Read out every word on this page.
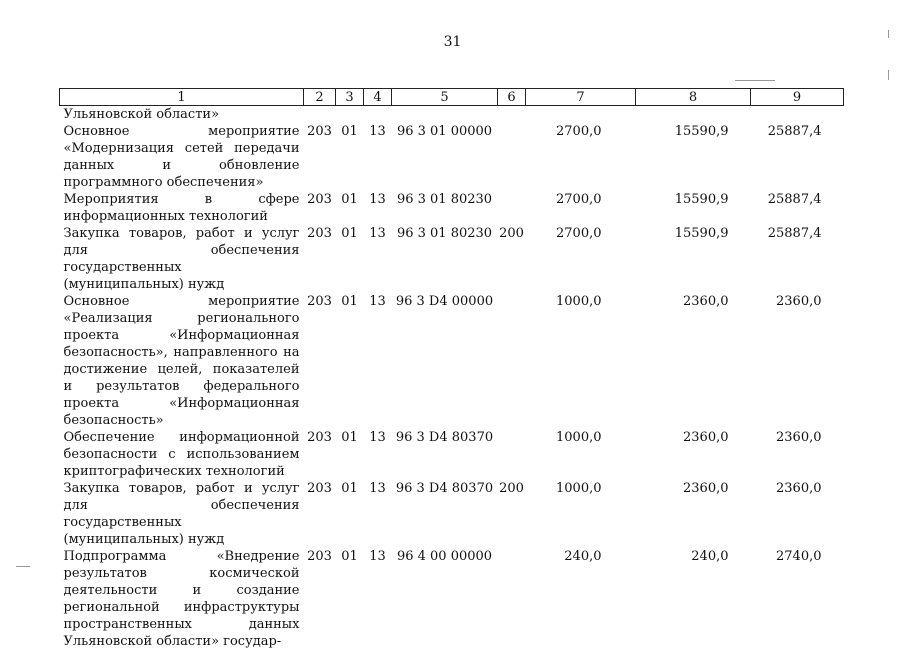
31
1	2	3	4	5	6	7	8	9
Ульяновской области»								
Основное мероприятие «Модернизация сетей передачи данных и обновление программного обеспечения»	203	01	13	96 3 01 00000		2700,0	15590,9	25887,4
Мероприятия в сфере информационных технологий	203	01	13	96 3 01 80230		2700,0	15590,9	25887,4
Закупка товаров, работ и услуг для обеспечения государственных (муниципальных) нужд	203	01	13	96 3 01 80230	200	2700,0	15590,9	25887,4
Основное мероприятие «Реализация регионального проекта «Информационная безопасность», направленного на достижение целей, показателей и результатов федерального проекта «Информационная безопасность»	203	01	13	96 3 D4 00000		1000,0	2360,0	2360,0
Обеспечение информационной безопасности с использованием криптографических технологий	203	01	13	96 3 D4 80370		1000,0	2360,0	2360,0
Закупка товаров, работ и услуг для обеспечения государственных (муниципальных) нужд	203	01	13	96 3 D4 80370	200	1000,0	2360,0	2360,0
Подпрограмма «Внедрение результатов космической деятельности и создание региональной инфраструктуры пространственных данных Ульяновской области» государ-	203	01	13	96 4 00 00000		240,0	240,0	2740,0
